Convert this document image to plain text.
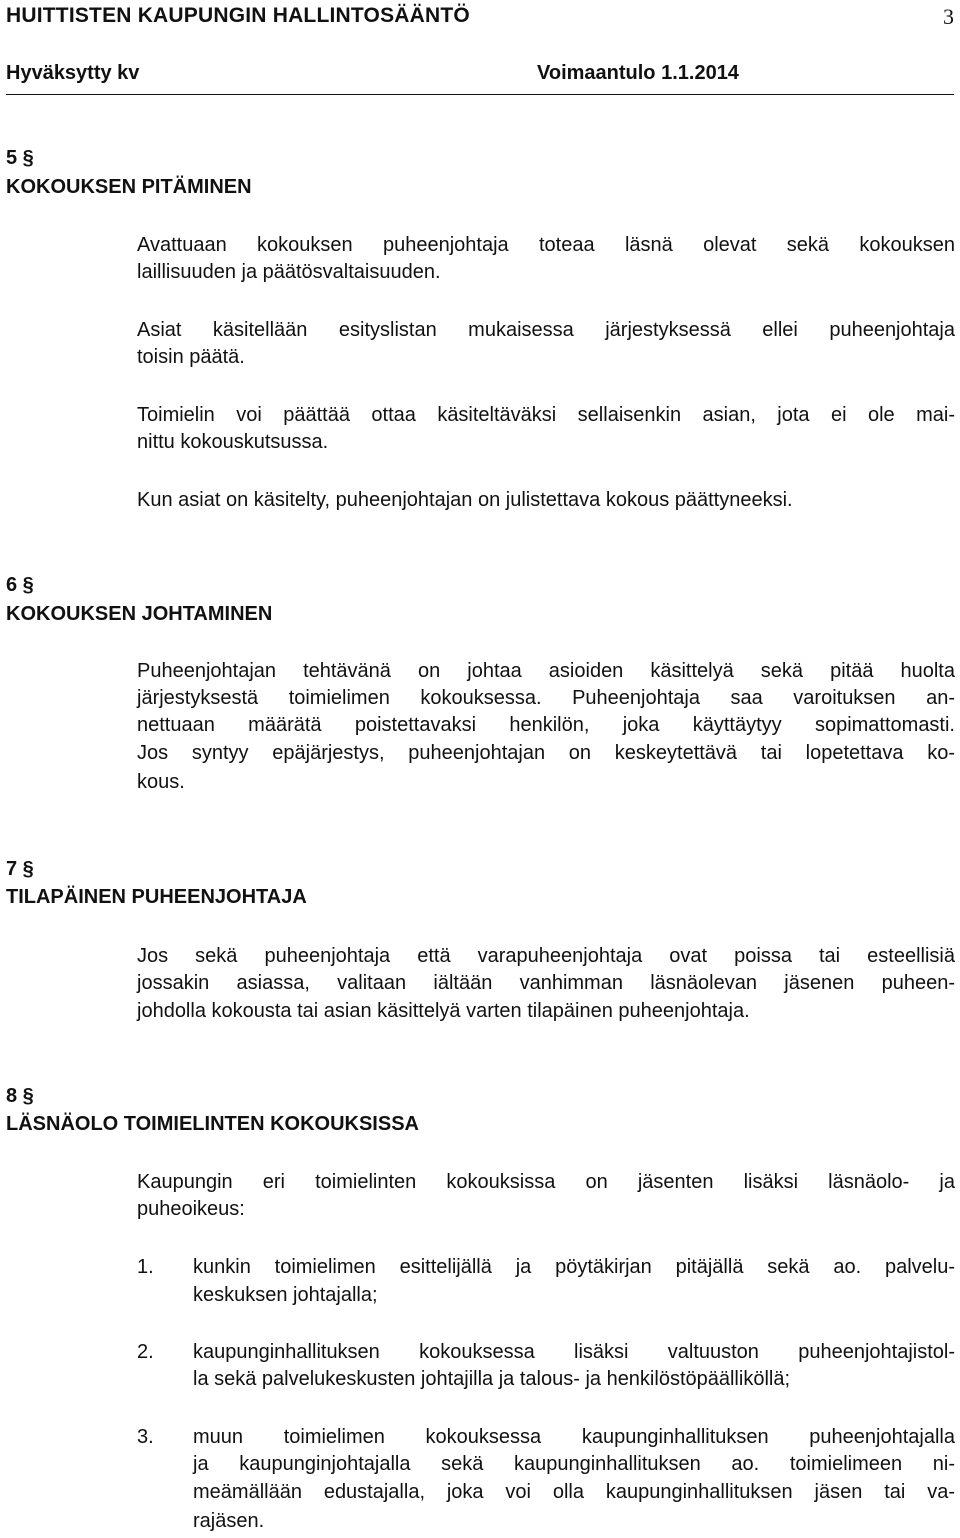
HUITTISTEN KAUPUNGIN HALLINTOSÄÄNTÖ	3
Hyväksytty kv	Voimaantulo 1.1.2014
5 §
KOKOUKSEN PITÄMINEN
Avattuaan kokouksen puheenjohtaja toteaa läsnä olevat sekä kokouksen
laillisuuden ja päätösvaltaisuuden.
Asiat käsitellään esityslistan mukaisessa järjestyksessä ellei puheenjohtaja
toisin päätä.
Toimielin voi päättää ottaa käsiteltäväksi sellaisenkin asian, jota ei ole mai-
nittu kokouskutsussa.
Kun asiat on käsitelty, puheenjohtajan on julistettava kokous päättyneeksi.
6 §
KOKOUKSEN JOHTAMINEN
Puheenjohtajan tehtävänä on johtaa asioiden käsittelyä sekä pitää huolta
järjestyksestä toimielimen kokouksessa. Puheenjohtaja saa varoituksen an-
nettuaan määrätä poistettavaksi henkilön, joka käyttäytyy sopimattomasti.
Jos syntyy epäjärjestys, puheenjohtajan on keskeytettävä tai lopetettava ko-
kous.
7 §
TILAPÄINEN PUHEENJOHTAJA
Jos sekä puheenjohtaja että varapuheenjohtaja ovat poissa tai esteellisiä
jossakin asiassa, valitaan iältään vanhimman läsnäolevan jäsenen puheen-
johdolla kokousta tai asian käsittelyä varten tilapäinen puheenjohtaja.
8 §
LÄSNÄOLO TOIMIELINTEN KOKOUKSISSA
Kaupungin eri toimielinten kokouksissa on jäsenten lisäksi läsnäolo- ja
puheoikeus:
1. kunkin toimielimen esittelijällä ja pöytäkirjan pitäjällä sekä ao. palvelu-
keskuksen johtajalla;
2. kaupunginhallituksen kokouksessa lisäksi valtuuston puheenjohtajistol-
la sekä palvelukeskusten johtajilla ja talous- ja henkilöstöpäälliköllä;
3. muun toimielimen kokouksessa kaupunginhallituksen puheenjohtajalla
ja kaupunginjohtajalla sekä kaupunginhallituksen ao. toimielimeen ni-
meämällään edustajalla, joka voi olla kaupunginhallituksen jäsen tai va-
rajäsen.
